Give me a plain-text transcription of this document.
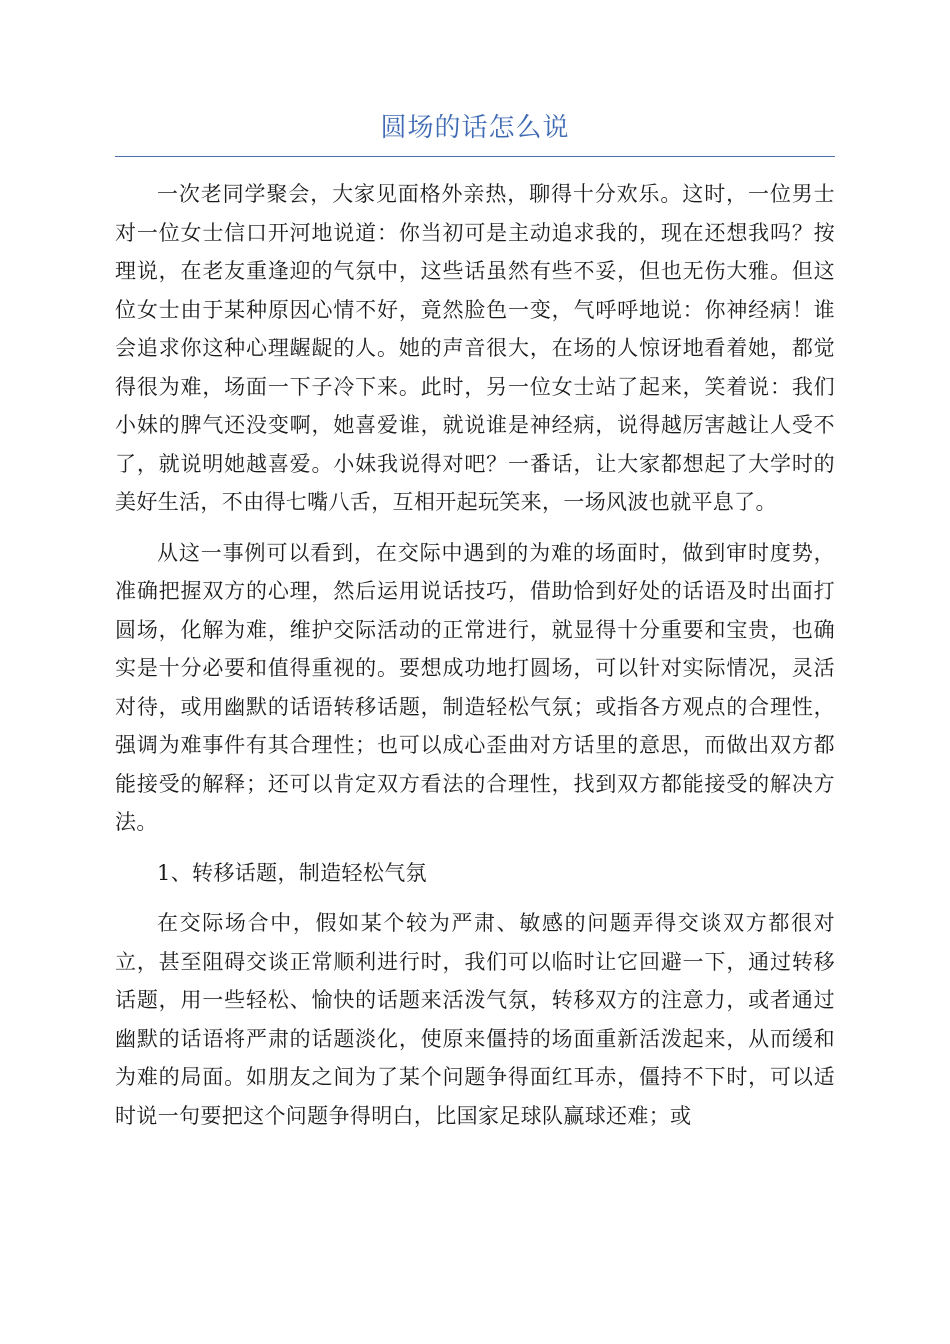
圆场的话怎么说

一次老同学聚会，大家见面格外亲热，聊得十分欢乐。这时，一位男士对一位女士信口开河地说道：你当初可是主动追求我的，现在还想我吗？按理说，在老友重逢迎的气氛中，这些话虽然有些不妥，但也无伤大雅。但这位女士由于某种原因心情不好，竟然脸色一变，气呼呼地说：你神经病！谁会追求你这种心理龌龊的人。她的声音很大，在场的人惊讶地看着她，都觉得很为难，场面一下子冷下来。此时，另一位女士站了起来，笑着说：我们小妹的脾气还没变啊，她喜爱谁，就说谁是神经病，说得越厉害越让人受不了，就说明她越喜爱。小妹我说得对吧？一番话，让大家都想起了大学时的美好生活，不由得七嘴八舌，互相开起玩笑来，一场风波也就平息了。

从这一事例可以看到，在交际中遇到的为难的场面时，做到审时度势，准确把握双方的心理，然后运用说话技巧，借助恰到好处的话语及时出面打圆场，化解为难，维护交际活动的正常进行，就显得十分重要和宝贵，也确实是十分必要和值得重视的。要想成功地打圆场，可以针对实际情况，灵活对待，或用幽默的话语转移话题，制造轻松气氛；或指各方观点的合理性，强调为难事件有其合理性；也可以成心歪曲对方话里的意思，而做出双方都能接受的解释；还可以肯定双方看法的合理性，找到双方都能接受的解决方法。

1、转移话题，制造轻松气氛

在交际场合中，假如某个较为严肃、敏感的问题弄得交谈双方都很对立，甚至阻碍交谈正常顺利进行时，我们可以临时让它回避一下，通过转移话题，用一些轻松、愉快的话题来活泼气氛，转移双方的注意力，或者通过幽默的话语将严肃的话题淡化，使原来僵持的场面重新活泼起来，从而缓和为难的局面。如朋友之间为了某个问题争得面红耳赤，僵持不下时，可以适时说一句要把这个问题争得明白，比国家足球队赢球还难；或
